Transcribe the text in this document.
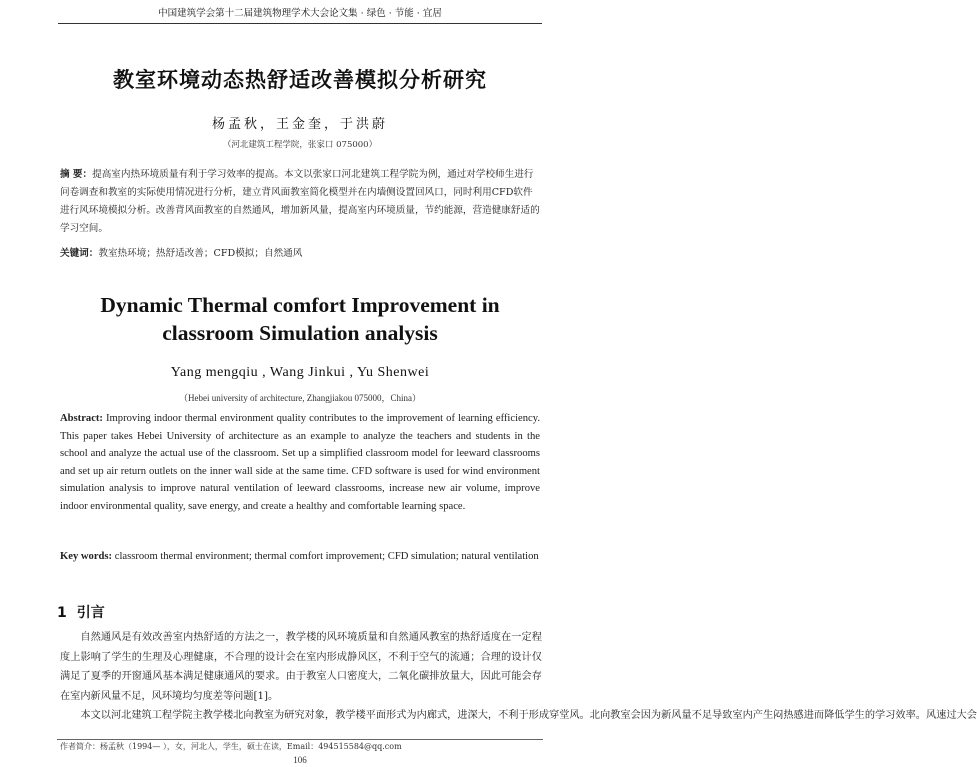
中国建筑学会第十二届建筑物理学术大会论文集 · 绿色 · 节能 · 宜居
教室环境动态热舒适改善模拟分析研究
杨孟秋，王金奎，于洪蔚
（河北建筑工程学院，张家口 075000）
摘 要：提高室内热环境质量有利于学习效率的提高。本文以张家口河北建筑工程学院为例，通过对学校师生进行问卷调查和教室的实际使用情况进行分析，建立背风面教室简化模型并在内墙侧设置回风口，同时利用CFD软件进行风环境模拟分析。改善背风面教室的自然通风，增加新风量，提高室内环境质量，节约能源，营造健康舒适的学习空间。
关键词：教室热环境；热舒适改善；CFD模拟；自然通风
Dynamic Thermal comfort Improvement in
classroom Simulation analysis
Yang mengqiu , Wang Jinkui , Yu Shenwei
（Hebei university of architecture, Zhangjiakou 075000，China）
Abstract: Improving indoor thermal environment quality contributes to the improvement of learning efficiency. This paper takes Hebei University of architecture as an example to analyze the teachers and students in the school and analyze the actual use of the classroom. Set up a simplified classroom model for leeward classrooms and set up air return outlets on the inner wall side at the same time. CFD software is used for wind environment simulation analysis to improve natural ventilation of leeward classrooms, increase new air volume, improve indoor environmental quality, save energy, and create a healthy and comfortable learning space.
Key words: classroom thermal environment; thermal comfort improvement; CFD simulation; natural ventilation
1 引言
自然通风是有效改善室内热舒适的方法之一，教学楼的风环境质量和自然通风教室的热舒适度在一定程度上影响了学生的生理及心理健康，不合理的设计会在室内形成静风区，不利于空气的流通；合理的设计仅满足了夏季的开窗通风基本满足健康通风的要求。由于教室人口密度大，二氧化碳排放量大，因此可能会存在室内新风量不足，风环境均匀度差等问题[1]。
本文以河北建筑工程学院主教学楼北向教室为研究对象，教学楼平面形式为内廊式，进深大，不利于形成穿堂风。北向教室会因为新风量不足导致室内产生闷热感进而降低学生的学习效率。风速过大会
作者简介：杨孟秋（1994— ），女，河北人，学生，硕士在读，Email：494515584@qq.com
106
